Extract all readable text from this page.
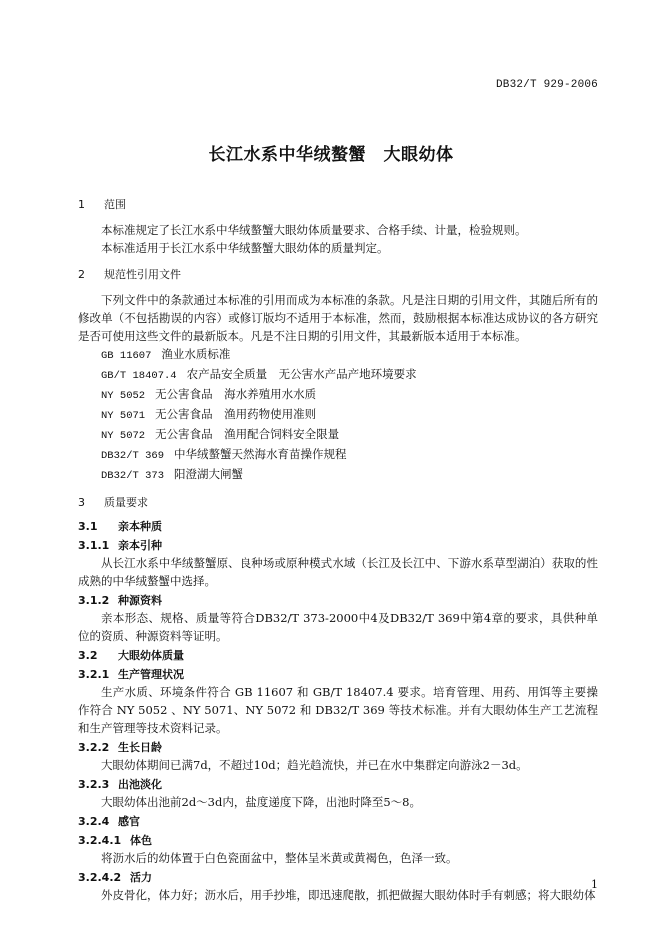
DB32/T 929-2006
长江水系中华绒螯蟹　大眼幼体
1 范围
本标准规定了长江水系中华绒螯蟹大眼幼体质量要求、合格手续、计量，检验规则。
本标准适用于长江水系中华绒螯蟹大眼幼体的质量判定。
2 规范性引用文件
下列文件中的条款通过本标准的引用而成为本标准的条款。凡是注日期的引用文件，其随后所有的修改单（不包括勘误的内容）或修订版均不适用于本标准，然而，鼓励根据本标准达成协议的各方研究是否可使用这些文件的最新版本。凡是不注日期的引用文件，其最新版本适用于本标准。
GB 11607 渔业水质标准
GB/T 18407.4 农产品安全质量　无公害水产品产地环境要求
NY 5052 无公害食品　海水养殖用水水质
NY 5071 无公害食品　渔用药物使用准则
NY 5072 无公害食品　渔用配合饲料安全限量
DB32/T 369 中华绒螯蟹天然海水育苗操作规程
DB32/T 373 阳澄湖大闸蟹
3 质量要求
3.1 亲本种质
3.1.1 亲本引种
从长江水系中华绒螯蟹原、良种场或原种模式水域（长江及长江中、下游水系草型湖泊）获取的性成熟的中华绒螯蟹中选择。
3.1.2 种源资料
亲本形态、规格、质量等符合DB32/T 373-2000中4及DB32/T 369中第4章的要求，具供种单位的资质、种源资料等证明。
3.2 大眼幼体质量
3.2.1 生产管理状况
生产水质、环境条件符合 GB 11607 和 GB/T 18407.4 要求。培育管理、用药、用饵等主要操作符合 NY 5052 、NY 5071、NY 5072 和 DB32/T 369 等技术标准。并有大眼幼体生产工艺流程和生产管理等技术资料记录。
3.2.2 生长日龄
大眼幼体期间已满7d，不超过10d；趋光趋流快，并已在水中集群定向游泳2－3d。
3.2.3 出池淡化
大眼幼体出池前2d～3d内，盐度递度下降，出池时降至5～8。
3.2.4 感官
3.2.4.1 体色
将沥水后的幼体置于白色瓷面盆中，整体呈米黄或黄褐色，色泽一致。
3.2.4.2 活力
外皮骨化，体力好；沥水后，用手抄堆，即迅速爬散，抓把做握大眼幼体时手有刺感；将大眼幼体
1
